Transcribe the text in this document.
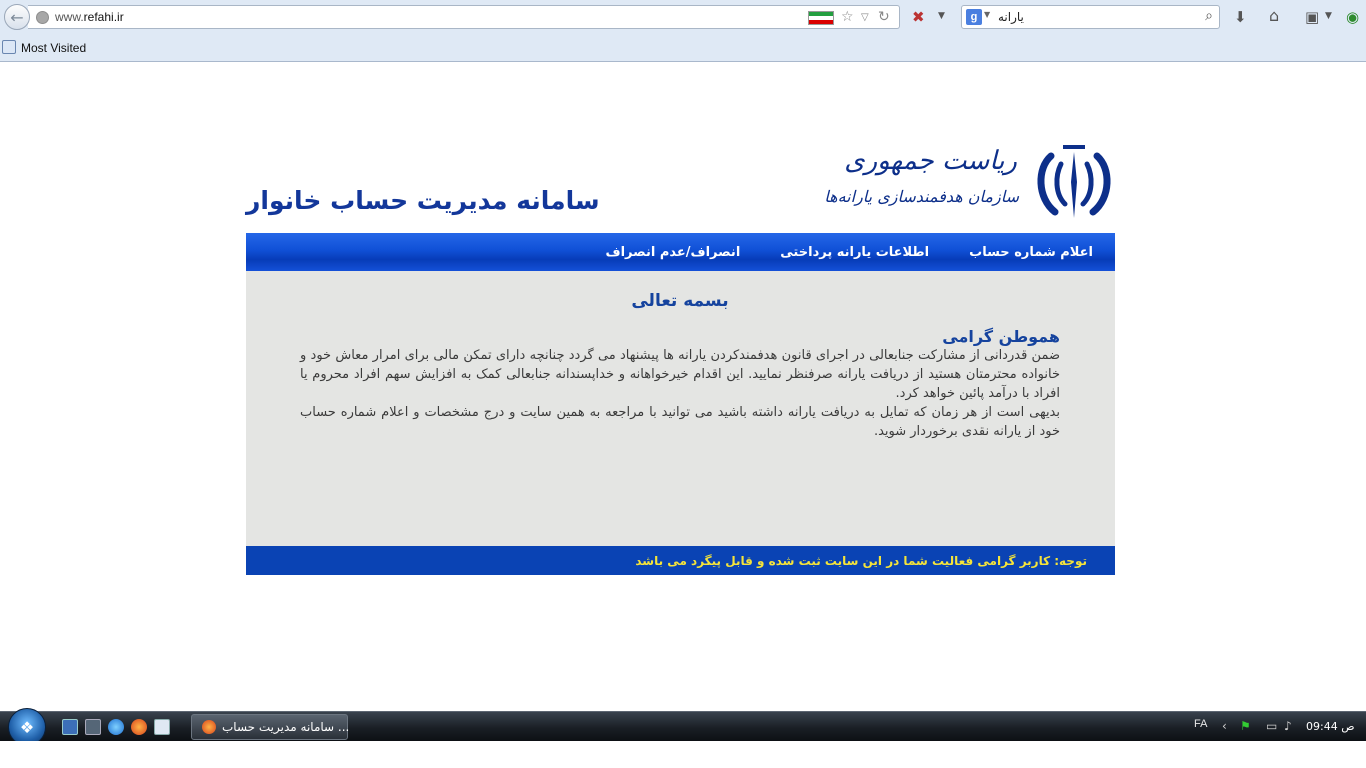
www.refahi.ir	☆ ▽ ↻
←	✖ ▼	g ▼ یارانه	⌕ ⬇ ⌂ ▣ ▼ ◉
Most Visited
ریاست جمهوری
سازمان هدفمندسازی یارانه‌ها
سامانه مدیریت حساب خانوار
اعلام شماره حساب
اطلاعات یارانه پرداختی
انصراف/عدم انصراف
بسمه تعالی
هموطن گرامی

ضمن قدردانی از مشارکت جنابعالی در اجرای قانون هدفمندکردن یارانه ها پیشنهاد می گردد چنانچه دارای تمکن مالی برای امرار معاش خود و خانواده محترمتان هستید از دریافت یارانه صرفنظر نمایید. این اقدام خیرخواهانه و خداپسندانه جنابعالی کمک به افزایش سهم افراد محروم یا افراد با درآمد پائین خواهد کرد.

بدیهی است از هر زمان که تمایل به دریافت یارانه داشته باشید می توانید با مراجعه به همین سایت و درج مشخصات و اعلام شماره حساب خود از یارانه نقدی برخوردار شوید.

توجه: کاربر گرامی فعالیت شما در این سایت ثبت شده و قابل پیگرد می باشد
❖	سامانه مدیریت حساب ...	FA ‹ ⚑ ▭ ♪ ص 09:44
